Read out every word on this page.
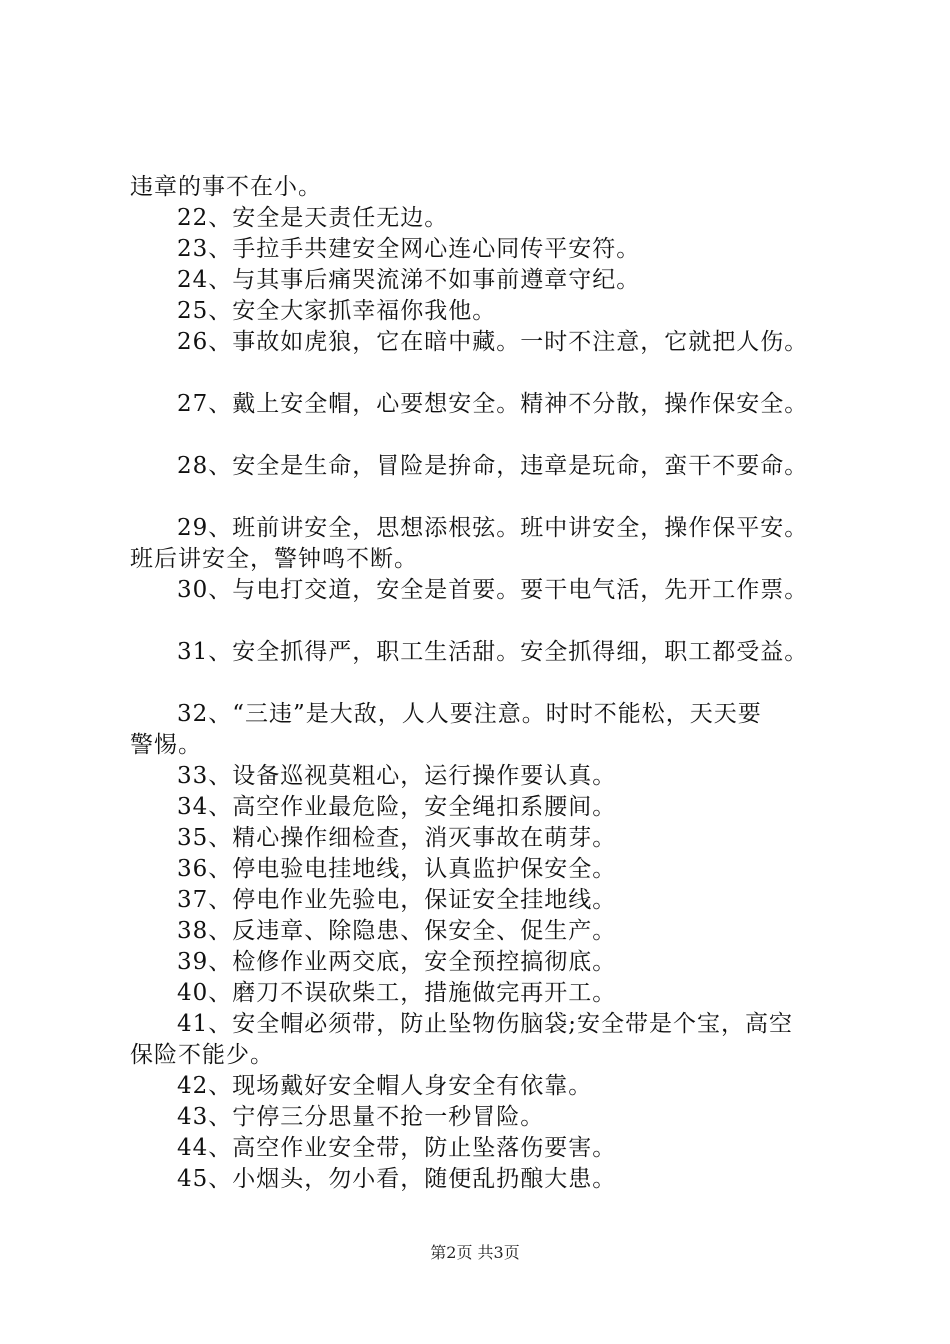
违章的事不在小。
22、安全是天责任无边。
23、手拉手共建安全网心连心同传平安符。
24、与其事后痛哭流涕不如事前遵章守纪。
25、安全大家抓幸福你我他。
26、事故如虎狼，它在暗中藏。一时不注意，它就把人伤。
27、戴上安全帽，心要想安全。精神不分散，操作保安全。
28、安全是生命，冒险是拚命，违章是玩命，蛮干不要命。
29、班前讲安全，思想添根弦。班中讲安全，操作保平安。
班后讲安全，警钟鸣不断。
30、与电打交道，安全是首要。要干电气活，先开工作票。
31、安全抓得严，职工生活甜。安全抓得细，职工都受益。
32、“三违”是大敌，人人要注意。时时不能松，天天要
警惕。
33、设备巡视莫粗心，运行操作要认真。
34、高空作业最危险，安全绳扣系腰间。
35、精心操作细检查，消灭事故在萌芽。
36、停电验电挂地线，认真监护保安全。
37、停电作业先验电，保证安全挂地线。
38、反违章、除隐患、保安全、促生产。
39、检修作业两交底，安全预控搞彻底。
40、磨刀不误砍柴工，措施做完再开工。
41、安全帽必须带，防止坠物伤脑袋;安全带是个宝，高空
保险不能少。
42、现场戴好安全帽人身安全有依靠。
43、宁停三分思量不抢一秒冒险。
44、高空作业安全带，防止坠落伤要害。
45、小烟头，勿小看，随便乱扔酿大患。
第2页 共3页
